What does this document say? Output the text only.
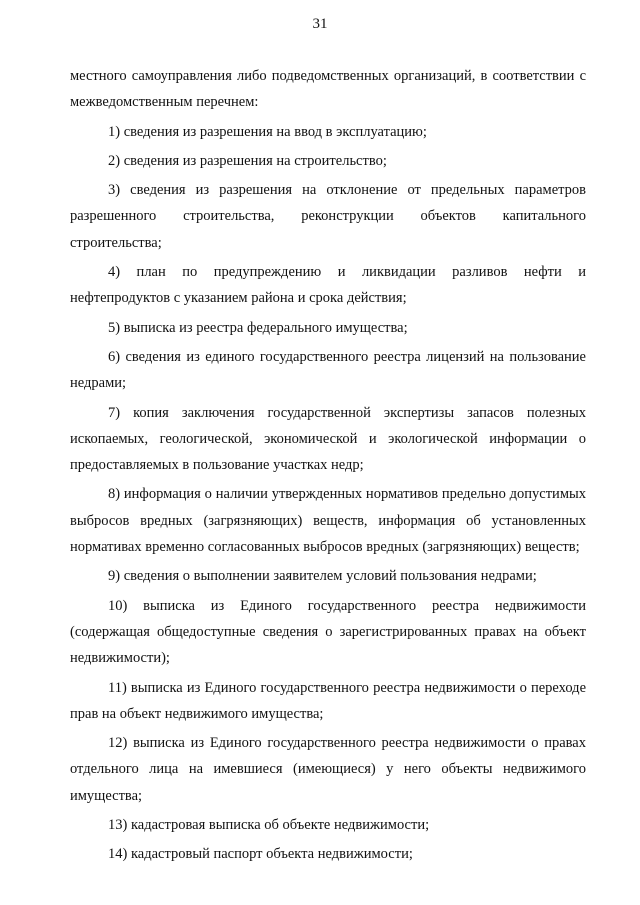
31

местного самоуправления либо подведомственных организаций, в соответствии с межведомственным перечнем:

1) сведения из разрешения на ввод в эксплуатацию;

2) сведения из разрешения на строительство;

3) сведения из разрешения на отклонение от предельных параметров разрешенного строительства, реконструкции объектов капитального строительства;

4) план по предупреждению и ликвидации разливов нефти и нефтепродуктов с указанием района и срока действия;

5) выписка из реестра федерального имущества;

6) сведения из единого государственного реестра лицензий на пользование недрами;

7) копия заключения государственной экспертизы запасов полезных ископаемых, геологической, экономической и экологической информации о предоставляемых в пользование участках недр;

8) информация о наличии утвержденных нормативов предельно допустимых выбросов вредных (загрязняющих) веществ, информация об установленных нормативах временно согласованных выбросов вредных (загрязняющих) веществ;

9) сведения о выполнении заявителем условий пользования недрами;

10) выписка из Единого государственного реестра недвижимости (содержащая общедоступные сведения о зарегистрированных правах на объект недвижимости);

11) выписка из Единого государственного реестра недвижимости о переходе прав на объект недвижимого имущества;

12) выписка из Единого государственного реестра недвижимости о правах отдельного лица на имевшиеся (имеющиеся) у него объекты недвижимого имущества;

13) кадастровая выписка об объекте недвижимости;

14) кадастровый паспорт объекта недвижимости;
